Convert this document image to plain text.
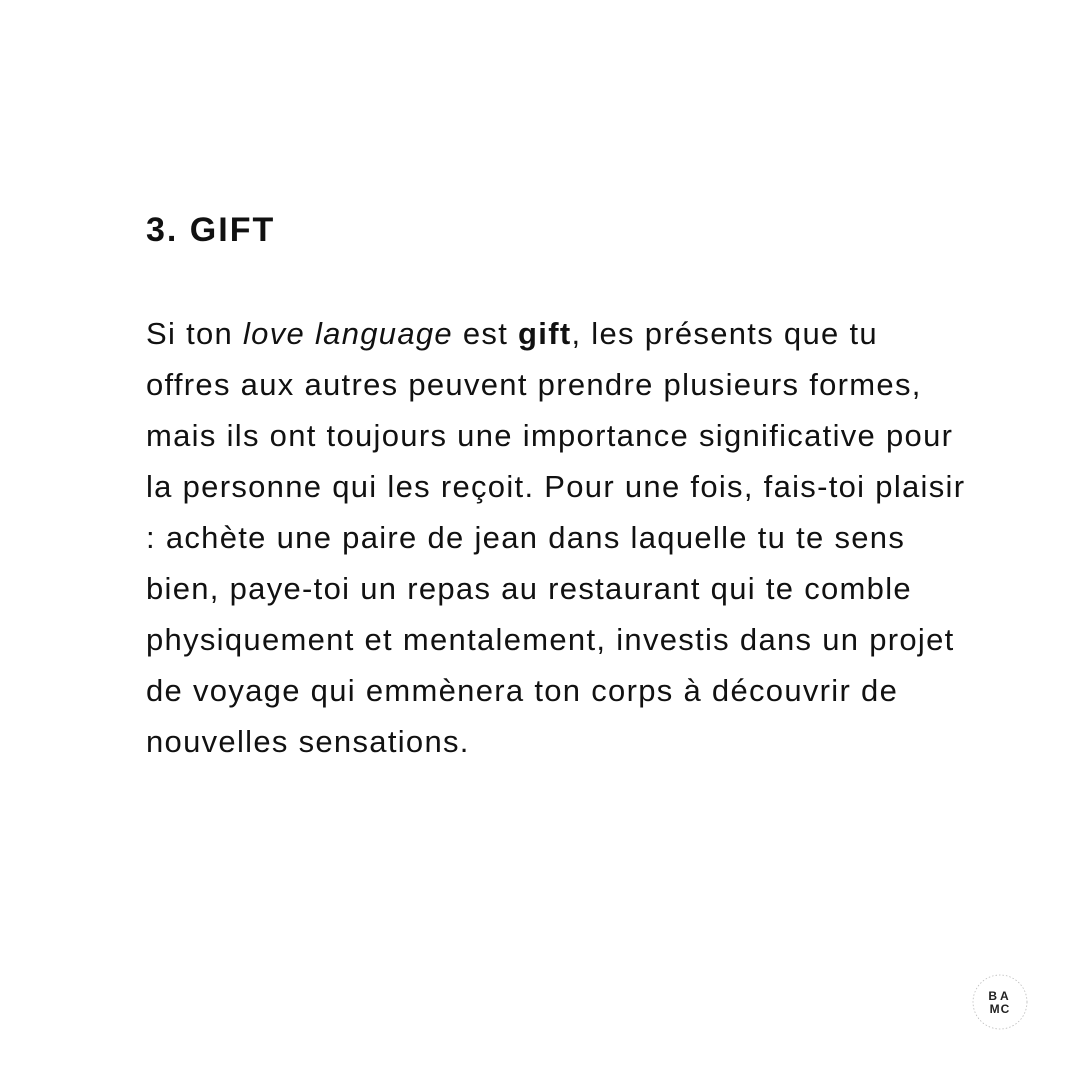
3. GIFT

Si ton love language est gift, les présents que tu offres aux autres peuvent prendre plusieurs formes, mais ils ont toujours une importance significative pour la personne qui les reçoit. Pour une fois, fais-toi plaisir : achète une paire de jean dans laquelle tu te sens bien, paye-toi un repas au restaurant qui te comble physiquement et mentalement, investis dans un projet de voyage qui emmènera ton corps à découvrir de nouvelles sensations.

BA
MC
